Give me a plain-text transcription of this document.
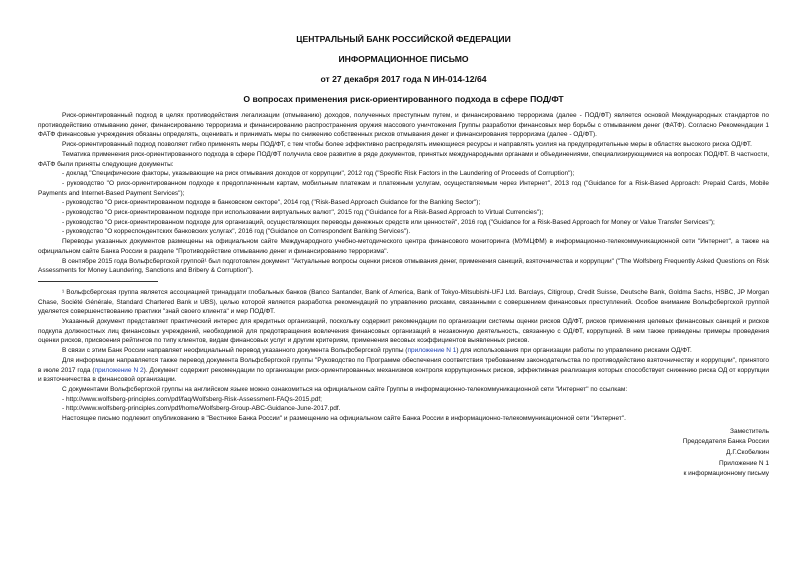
ЦЕНТРАЛЬНЫЙ БАНК РОССИЙСКОЙ ФЕДЕРАЦИИ
ИНФОРМАЦИОННОЕ ПИСЬМО
от 27 декабря 2017 года N ИН-014-12/64
О вопросах применения риск-ориентированного подхода в сфере ПОД/ФТ

Риск-ориентированный подход в целях противодействия легализации (отмыванию) доходов, полученных преступным путем, и финансированию терроризма (далее - ПОД/ФТ) является основой Международных стандартов по противодействию отмыванию денег, финансированию терроризма и финансированию распространения оружия массового уничтожения Группы разработки финансовых мер борьбы с отмыванием денег (ФАТФ). Согласно Рекомендации 1 ФАТФ финансовые учреждения обязаны определять, оценивать и принимать меры по снижению собственных рисков отмывания денег и финансирования терроризма (далее - ОД/ФТ).

Риск-ориентированный подход позволяет гибко применять меры ПОД/ФТ, с тем чтобы более эффективно распределять имеющиеся ресурсы и направлять усилия на предупредительные меры в областях высокого риска ОД/ФТ.

Тематика применения риск-ориентированного подхода в сфере ПОД/ФТ получила свое развитие в ряде документов, принятых международными органами и объединениями, специализирующимися на вопросах ПОД/ФТ. В частности, ФАТФ были приняты следующие документы:

- доклад "Специфические факторы, указывающие на риск отмывания доходов от коррупции", 2012 год ("Specific Risk Factors in the Laundering of Proceeds of Corruption");

- руководство "О риск-ориентированном подходе к предоплаченным картам, мобильным платежам и платежным услугам, осуществляемым через Интернет", 2013 год ("Guidance for a Risk-Based Approach: Prepaid Cards, Mobile Payments and Internet-Based Payment Services");

- руководство "О риск-ориентированном подходе в банковском секторе", 2014 год ("Risk-Based Approach Guidance for the Banking Sector");

- руководство "О риск-ориентированном подходе при использовании виртуальных валют", 2015 год ("Guidance for a Risk-Based Approach to Virtual Currencies");

- руководство "О риск-ориентированном подходе для организаций, осуществляющих переводы денежных средств или ценностей", 2016 год ("Guidance for a Risk-Based Approach for Money or Value Transfer Services");

- руководство "О корреспондентских банковских услугах", 2016 год ("Guidance on Correspondent Banking Services").

Переводы указанных документов размещены на официальном сайте Международного учебно-методического центра финансового мониторинга (МУМЦФМ) в информационно-телекоммуникационной сети "Интернет", а также на официальном сайте Банка России в разделе "Противодействие отмыванию денег и финансированию терроризма".

В сентябре 2015 года Вольфсбергской группой¹ был подготовлен документ "Актуальные вопросы оценки рисков отмывания денег, применения санкций, взяточничества и коррупции" ("The Wolfsberg Frequently Asked Questions on Risk Assessments for Money Laundering, Sanctions and Bribery & Corruption").

¹ Вольфсбергская группа является ассоциацией тринадцати глобальных банков (Banco Santander, Bank of America, Bank of Tokyo-Mitsubishi-UFJ Ltd. Barclays, Citigroup, Credit Suisse, Deutsche Bank, Goldma Sachs, HSBC, JP Morgan Chase, Société Générale, Standard Chartered Bank и UBS), целью которой является разработка рекомендаций по управлению рисками, связанными с совершением финансовых преступлений. Особое внимание Вольфсбергской группой уделяется совершенствованию практики "знай своего клиента" и мер ПОД/ФТ.

Указанный документ представляет практический интерес для кредитных организаций, поскольку содержит рекомендации по организации системы оценки рисков ОД/ФТ, рисков применения целевых финансовых санкций и рисков подкупа должностных лиц финансовых учреждений, необходимой для предотвращения вовлечения финансовых организаций в незаконную деятельность, связанную с ОД/ФТ, коррупцией. В нем также приведены примеры проведения оценки рисков, присвоения рейтингов по типу клиентов, видам финансовых услуг и другим критериям, применения весовых коэффициентов выявленных рисков.

В связи с этим Банк России направляет неофициальный перевод указанного документа Вольфсбергской группы (приложение N 1) для использования при организации работы по управлению рисками ОД/ФТ.

Для информации направляется также перевод документа Вольфсбергской группы "Руководство по Программе обеспечения соответствия требованиям законодательства по противодействию взяточничеству и коррупции", принятого в июле 2017 года (приложение N 2). Документ содержит рекомендации по организации риск-ориентированных механизмов контроля коррупционных рисков, эффективная реализация которых способствует снижению риска ОД от коррупции и взяточничества в финансовой организации.

С документами Вольфсбергской группы на английском языке можно ознакомиться на официальном сайте Группы в информационно-телекоммуникационной сети "Интернет" по ссылкам:

- http://www.wolfsberg-principles.com/pdf/faq/Wolfsberg-Risk-Assessment-FAQs-2015.pdf;

- http://www.wolfsberg-principles.com/pdf/home/Wolfsberg-Group-ABC-Guidance-June-2017.pdf.

Настоящее письмо подлежит опубликованию в "Вестнике Банка России" и размещению на официальном сайте Банка России в информационно-телекоммуникационной сети "Интернет".

Заместитель
Председателя Банка России
Д.Г.Скобелкин
Приложение N 1
к информационному письму
